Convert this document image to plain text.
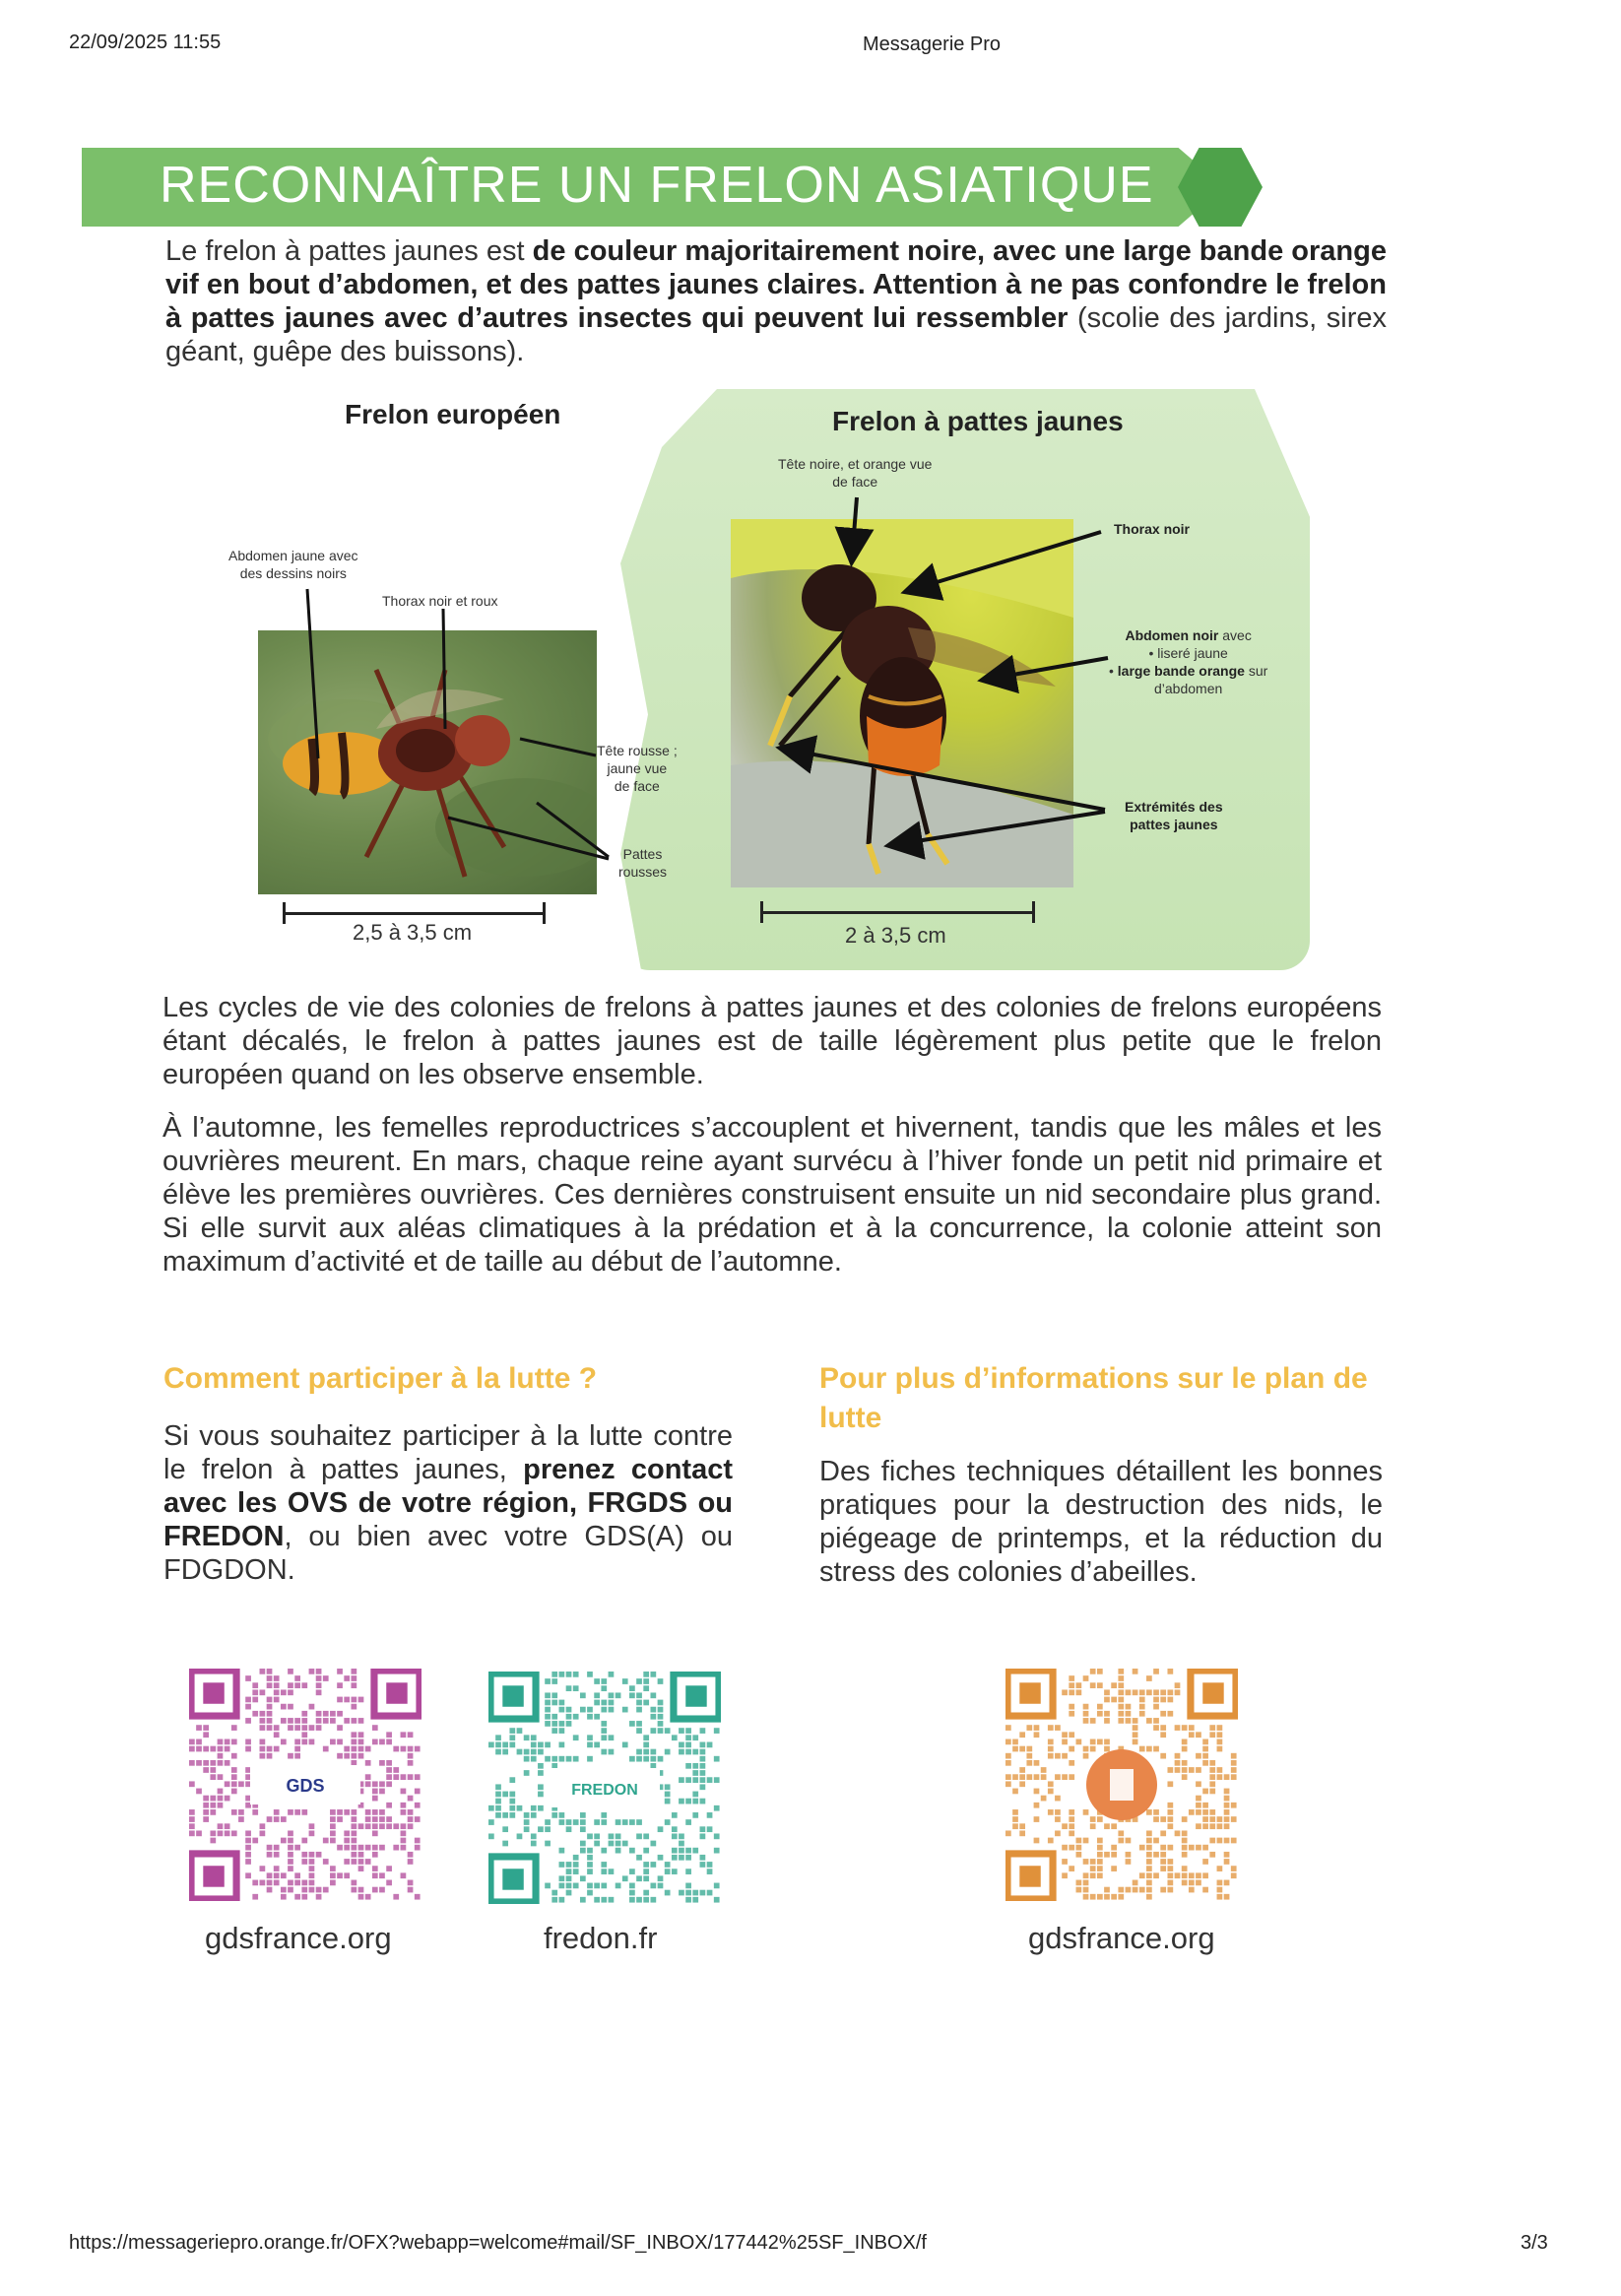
22/09/2025 11:55	Messagerie Pro
RECONNAÎTRE UN FRELON ASIATIQUE
Le frelon à pattes jaunes est de couleur majoritairement noire, avec une large bande orange vif en bout d’abdomen, et des pattes jaunes claires. Attention à ne pas confondre le frelon à pattes jaunes avec d’autres insectes qui peuvent lui ressembler (scolie des jardins, sirex géant, guêpe des buissons).
Frelon européen	Frelon à pattes jaunes
Abdomen jaune avec
des dessins noirs
Thorax noir et roux
Tête rousse ;
jaune vue
de face
Pattes
rousses
Tête noire, et orange vue
de face
Thorax noir
Abdomen noir avec
• liseré jaune
• large bande orange sur
d’abdomen
Extrémités des
pattes jaunes
2,5 à 3,5 cm	2 à 3,5 cm
Les cycles de vie des colonies de frelons à pattes jaunes et des colonies de frelons européens étant décalés, le frelon à pattes jaunes est de taille légèrement plus petite que le frelon européen quand on les observe ensemble.
À l’automne, les femelles reproductrices s’accouplent et hivernent, tandis que les mâles et les ouvrières meurent. En mars, chaque reine ayant survécu à l’hiver fonde un petit nid primaire et élève les premières ouvrières. Ces dernières construisent ensuite un nid secondaire plus grand. Si elle survit aux aléas climatiques à la prédation et à la concurrence, la colonie atteint son maximum d’activité et de taille au début de l’automne.
Comment participer à la lutte ?
Si vous souhaitez participer à la lutte contre le frelon à pattes jaunes, prenez contact avec les OVS de votre région, FRGDS ou FREDON, ou bien avec votre GDS(A) ou FDGDON.
Pour plus d’informations sur le plan de lutte
Des fiches techniques détaillent les bonnes pratiques pour la destruction des nids, le piégeage de printemps, et la réduction du stress des colonies d’abeilles.
GDS	FREDON
gdsfrance.org	fredon.fr	gdsfrance.org
https://messageriepro.orange.fr/OFX?webapp=welcome#mail/SF_INBOX/177442%25SF_INBOX/f	3/3
